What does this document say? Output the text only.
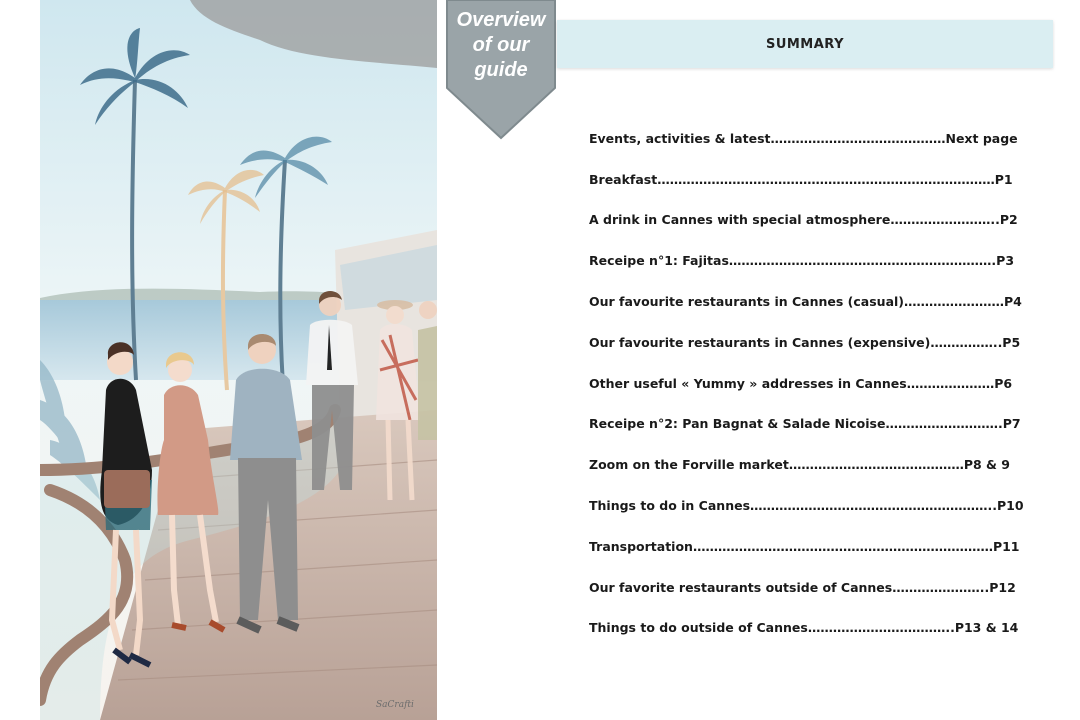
SaCrafti
Overview
of our
guide
SUMMARY
Events, activities & latest……………………………………Next page
Breakfast………………………………………………………………………P1
A drink in Cannes with special atmosphere……………………..P2
Receipe n°1: Fajitas……………………………………………………….P3
Our favourite restaurants in Cannes (casual)……………………P4
Our favourite restaurants in Cannes (expensive)……………..P5
Other useful « Yummy » addresses in Cannes…………………P6
Receipe n°2: Pan Bagnat & Salade Nicoise……………………….P7
Zoom on the Forville market……………………………………P8 & 9
Things to do in Cannes…………………………………………………..P10
Transportation………………………………………………………………P11
Our favorite restaurants outside of Cannes…………………..P12
Things to do outside of Cannes……………………………..P13 & 14
